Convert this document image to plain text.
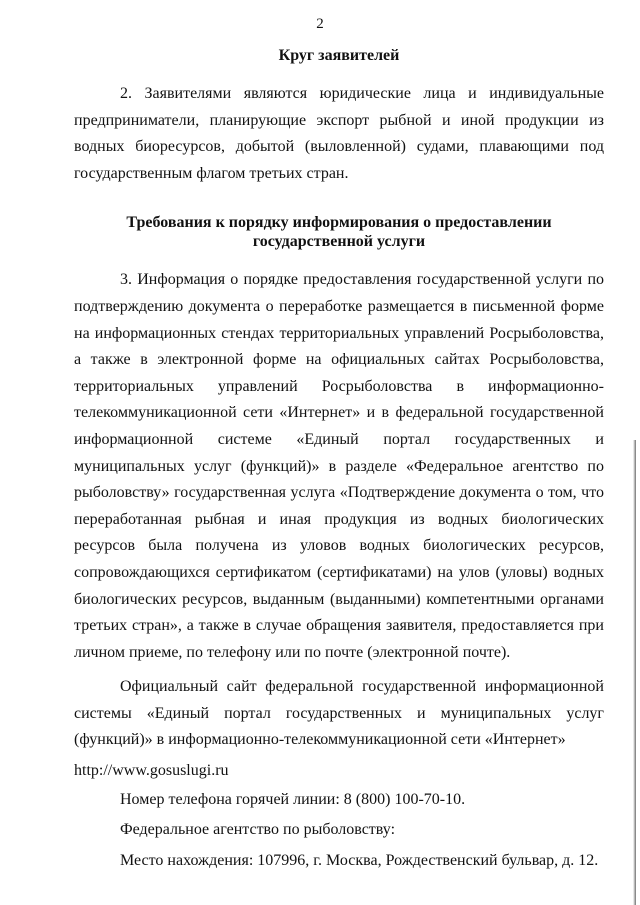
2
Круг заявителей

2. Заявителями являются юридические лица и индивидуальные предприниматели, планирующие экспорт рыбной и иной продукции из водных биоресурсов, добытой (выловленной) судами, плавающими под государственным флагом третьих стран.

Требования к порядку информирования о предоставлении государственной услуги

3. Информация о порядке предоставления государственной услуги по подтверждению документа о переработке размещается в письменной форме на информационных стендах территориальных управлений Росрыболовства, а также в электронной форме на официальных сайтах Росрыболовства, территориальных управлений Росрыболовства в информационно-телекоммуникационной сети «Интернет» и в федеральной государственной информационной системе «Единый портал государственных и муниципальных услуг (функций)» в разделе «Федеральное агентство по рыболовству» государственная услуга «Подтверждение документа о том, что переработанная рыбная и иная продукция из водных биологических ресурсов была получена из уловов водных биологических ресурсов, сопровождающихся сертификатом (сертификатами) на улов (уловы) водных биологических ресурсов, выданным (выданными) компетентными органами третьих стран», а также в случае обращения заявителя, предоставляется при личном приеме, по телефону или по почте (электронной почте).

Официальный сайт федеральной государственной информационной системы «Единый портал государственных и муниципальных услуг (функций)» в информационно-телекоммуникационной сети «Интернет»

http://www.gosuslugi.ru

Номер телефона горячей линии: 8 (800) 100-70-10.

Федеральное агентство по рыболовству:

Место нахождения: 107996, г. Москва, Рождественский бульвар, д. 12.
